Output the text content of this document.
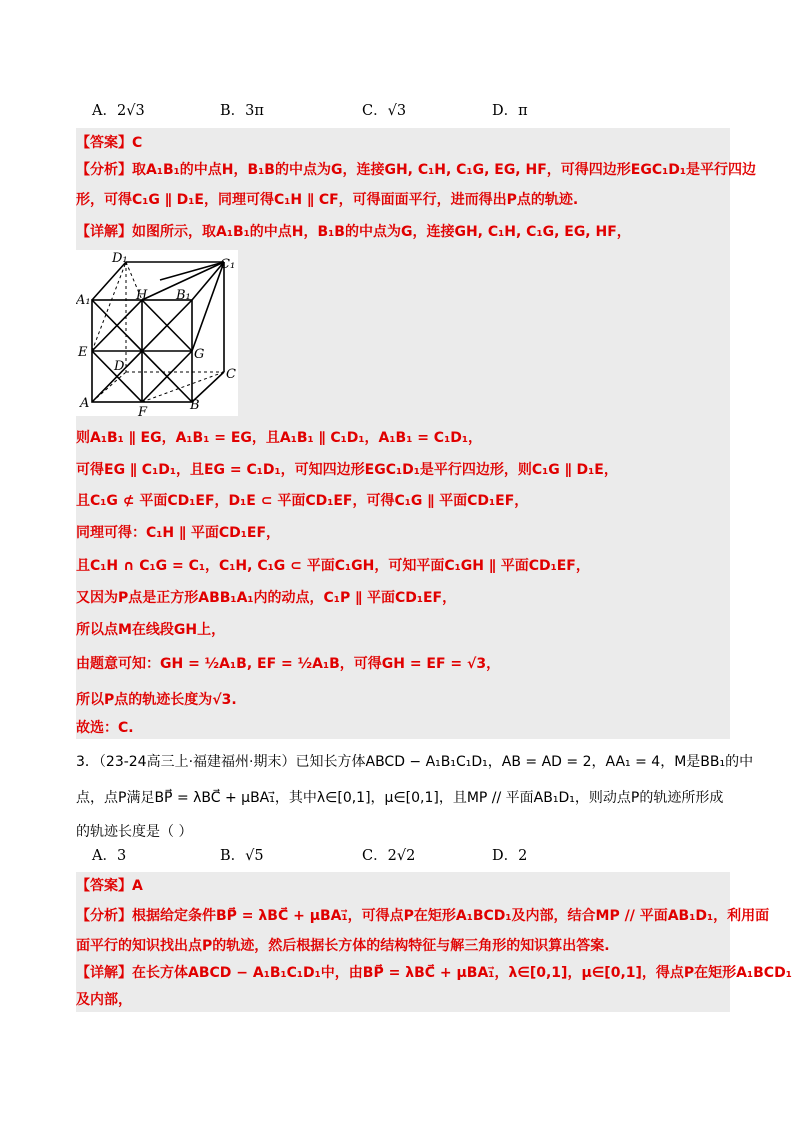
A．2√3	B．3π	C．√3	D．π
【答案】C
【分析】取A₁B₁的中点H，B₁B的中点为G，连接GH, C₁H, C₁G, EG, HF，可得四边形EGC₁D₁是平行四边
形，可得C₁G ∥ D₁E，同理可得C₁H ∥ CF，可得面面平行，进而得出P点的轨迹.
【详解】如图所示，取A₁B₁的中点H，B₁B的中点为G，连接GH, C₁H, C₁G, EG, HF，
D₁	C₁
A₁	H B₁
E	G
D
C
A
F	B
则A₁B₁ ∥ EG，A₁B₁ = EG，且A₁B₁ ∥ C₁D₁，A₁B₁ = C₁D₁，
可得EG ∥ C₁D₁，且EG = C₁D₁，可知四边形EGC₁D₁是平行四边形，则C₁G ∥ D₁E，
且C₁G ⊄ 平面CD₁EF，D₁E ⊂ 平面CD₁EF，可得C₁G ∥ 平面CD₁EF，
同理可得：C₁H ∥ 平面CD₁EF，
且C₁H ∩ C₁G = C₁，C₁H, C₁G ⊂ 平面C₁GH，可知平面C₁GH ∥ 平面CD₁EF，
又因为P点是正方形ABB₁A₁内的动点，C₁P ∥ 平面CD₁EF，
所以点M在线段GH上，
由题意可知：GH = ½A₁B, EF = ½A₁B，可得GH = EF = √3，
所以P点的轨迹长度为√3.
故选：C.
3．（23-24高三上·福建福州·期末）已知长方体ABCD − A₁B₁C₁D₁，AB = AD = 2，AA₁ = 4，M是BB₁的中
点，点P满足BP⃗ = λBC⃗ + μBA₁⃗，其中λ∈[0,1]，μ∈[0,1]，且MP // 平面AB₁D₁，则动点P的轨迹所形成
的轨迹长度是（ ）
A．3	B．√5	C．2√2	D．2
【答案】A
【分析】根据给定条件BP⃗ = λBC⃗ + μBA₁⃗，可得点P在矩形A₁BCD₁及内部，结合MP // 平面AB₁D₁，利用面
面平行的知识找出点P的轨迹，然后根据长方体的结构特征与解三角形的知识算出答案.
【详解】在长方体ABCD − A₁B₁C₁D₁中，由BP⃗ = λBC⃗ + μBA₁⃗，λ∈[0,1]，μ∈[0,1]，得点P在矩形A₁BCD₁
及内部，
